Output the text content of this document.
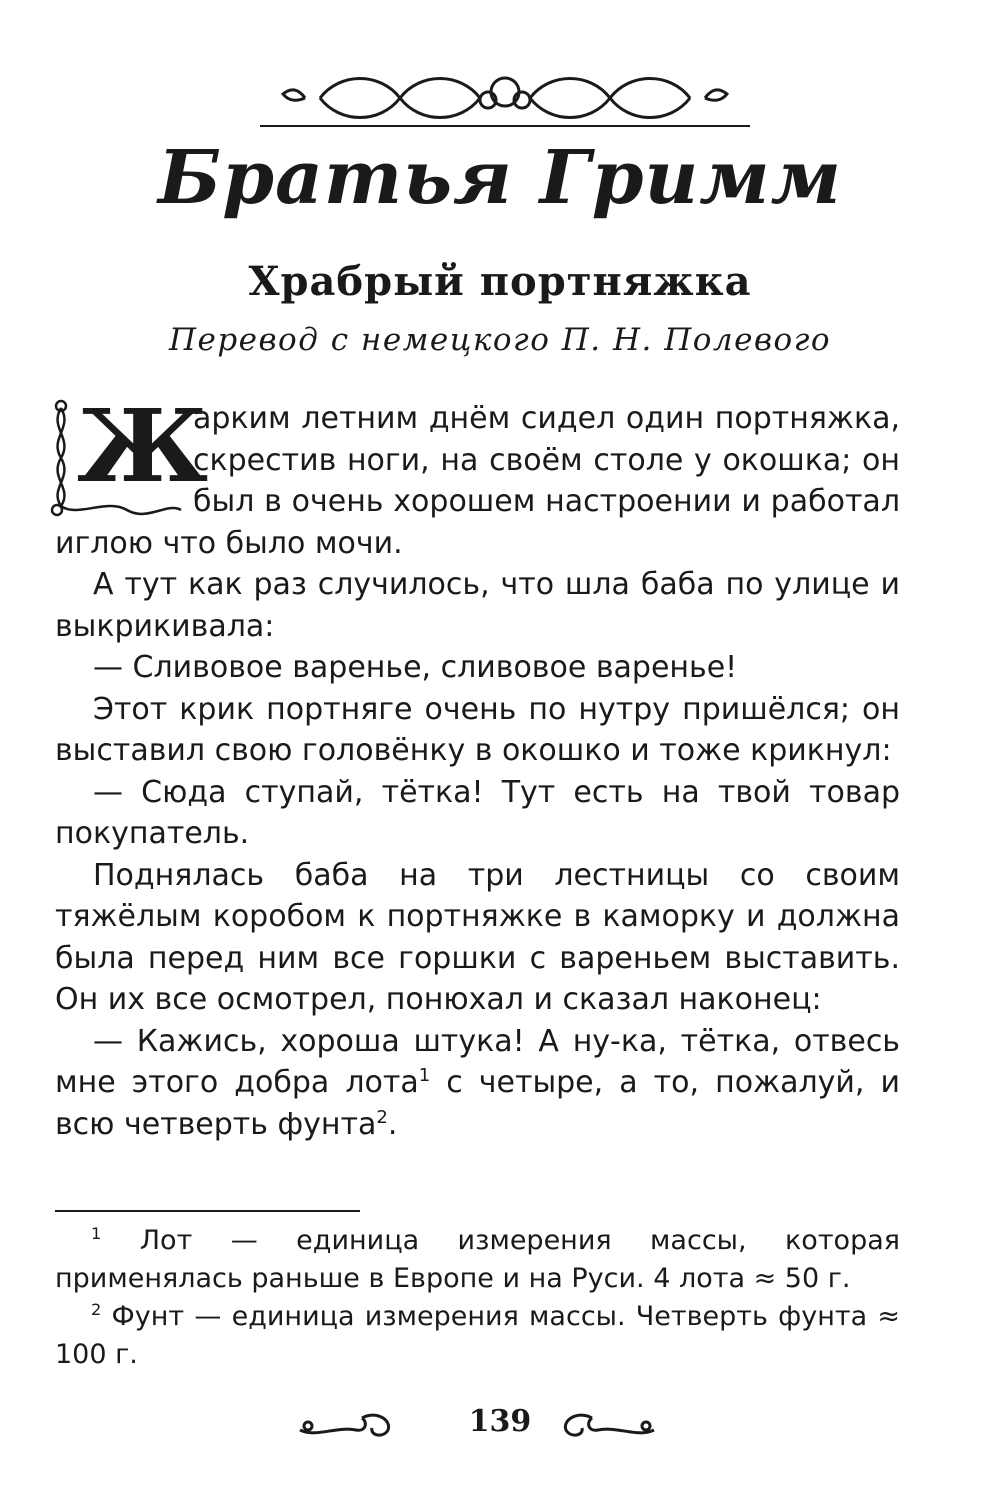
Братья Гримм
Храбрый портняжка
Перевод с немецкого П. Н. Полевого

Ж
арким летним днём сидел один портняжка, скрестив ноги, на своём столе у окошка; он был в очень хорошем настроении и работал иглою что было мочи.

А тут как раз случилось, что шла баба по улице и выкрикивала:

— Сливовое варенье, сливовое варенье!

Этот крик портняге очень по нутру пришёлся; он выставил свою головёнку в окошко и тоже крикнул:

— Сюда ступай, тётка! Тут есть на твой товар покупатель.

Поднялась баба на три лестницы со своим тяжёлым коробом к портняжке в каморку и должна была перед ним все горшки с вареньем выставить. Он их все осмотрел, понюхал и сказал наконец:

— Кажись, хороша штука! А ну-ка, тётка, отвесь мне этого добра лота$^1$ с четыре, а то, пожалуй, и всю четверть фунта$^2$.

$^1$ Лот — единица измерения массы, которая применялась раньше в Европе и на Руси. 4 лота ≈ 50 г.

$^2$ Фунт — единица измерения массы. Четверть фунта ≈ 100 г.

139
